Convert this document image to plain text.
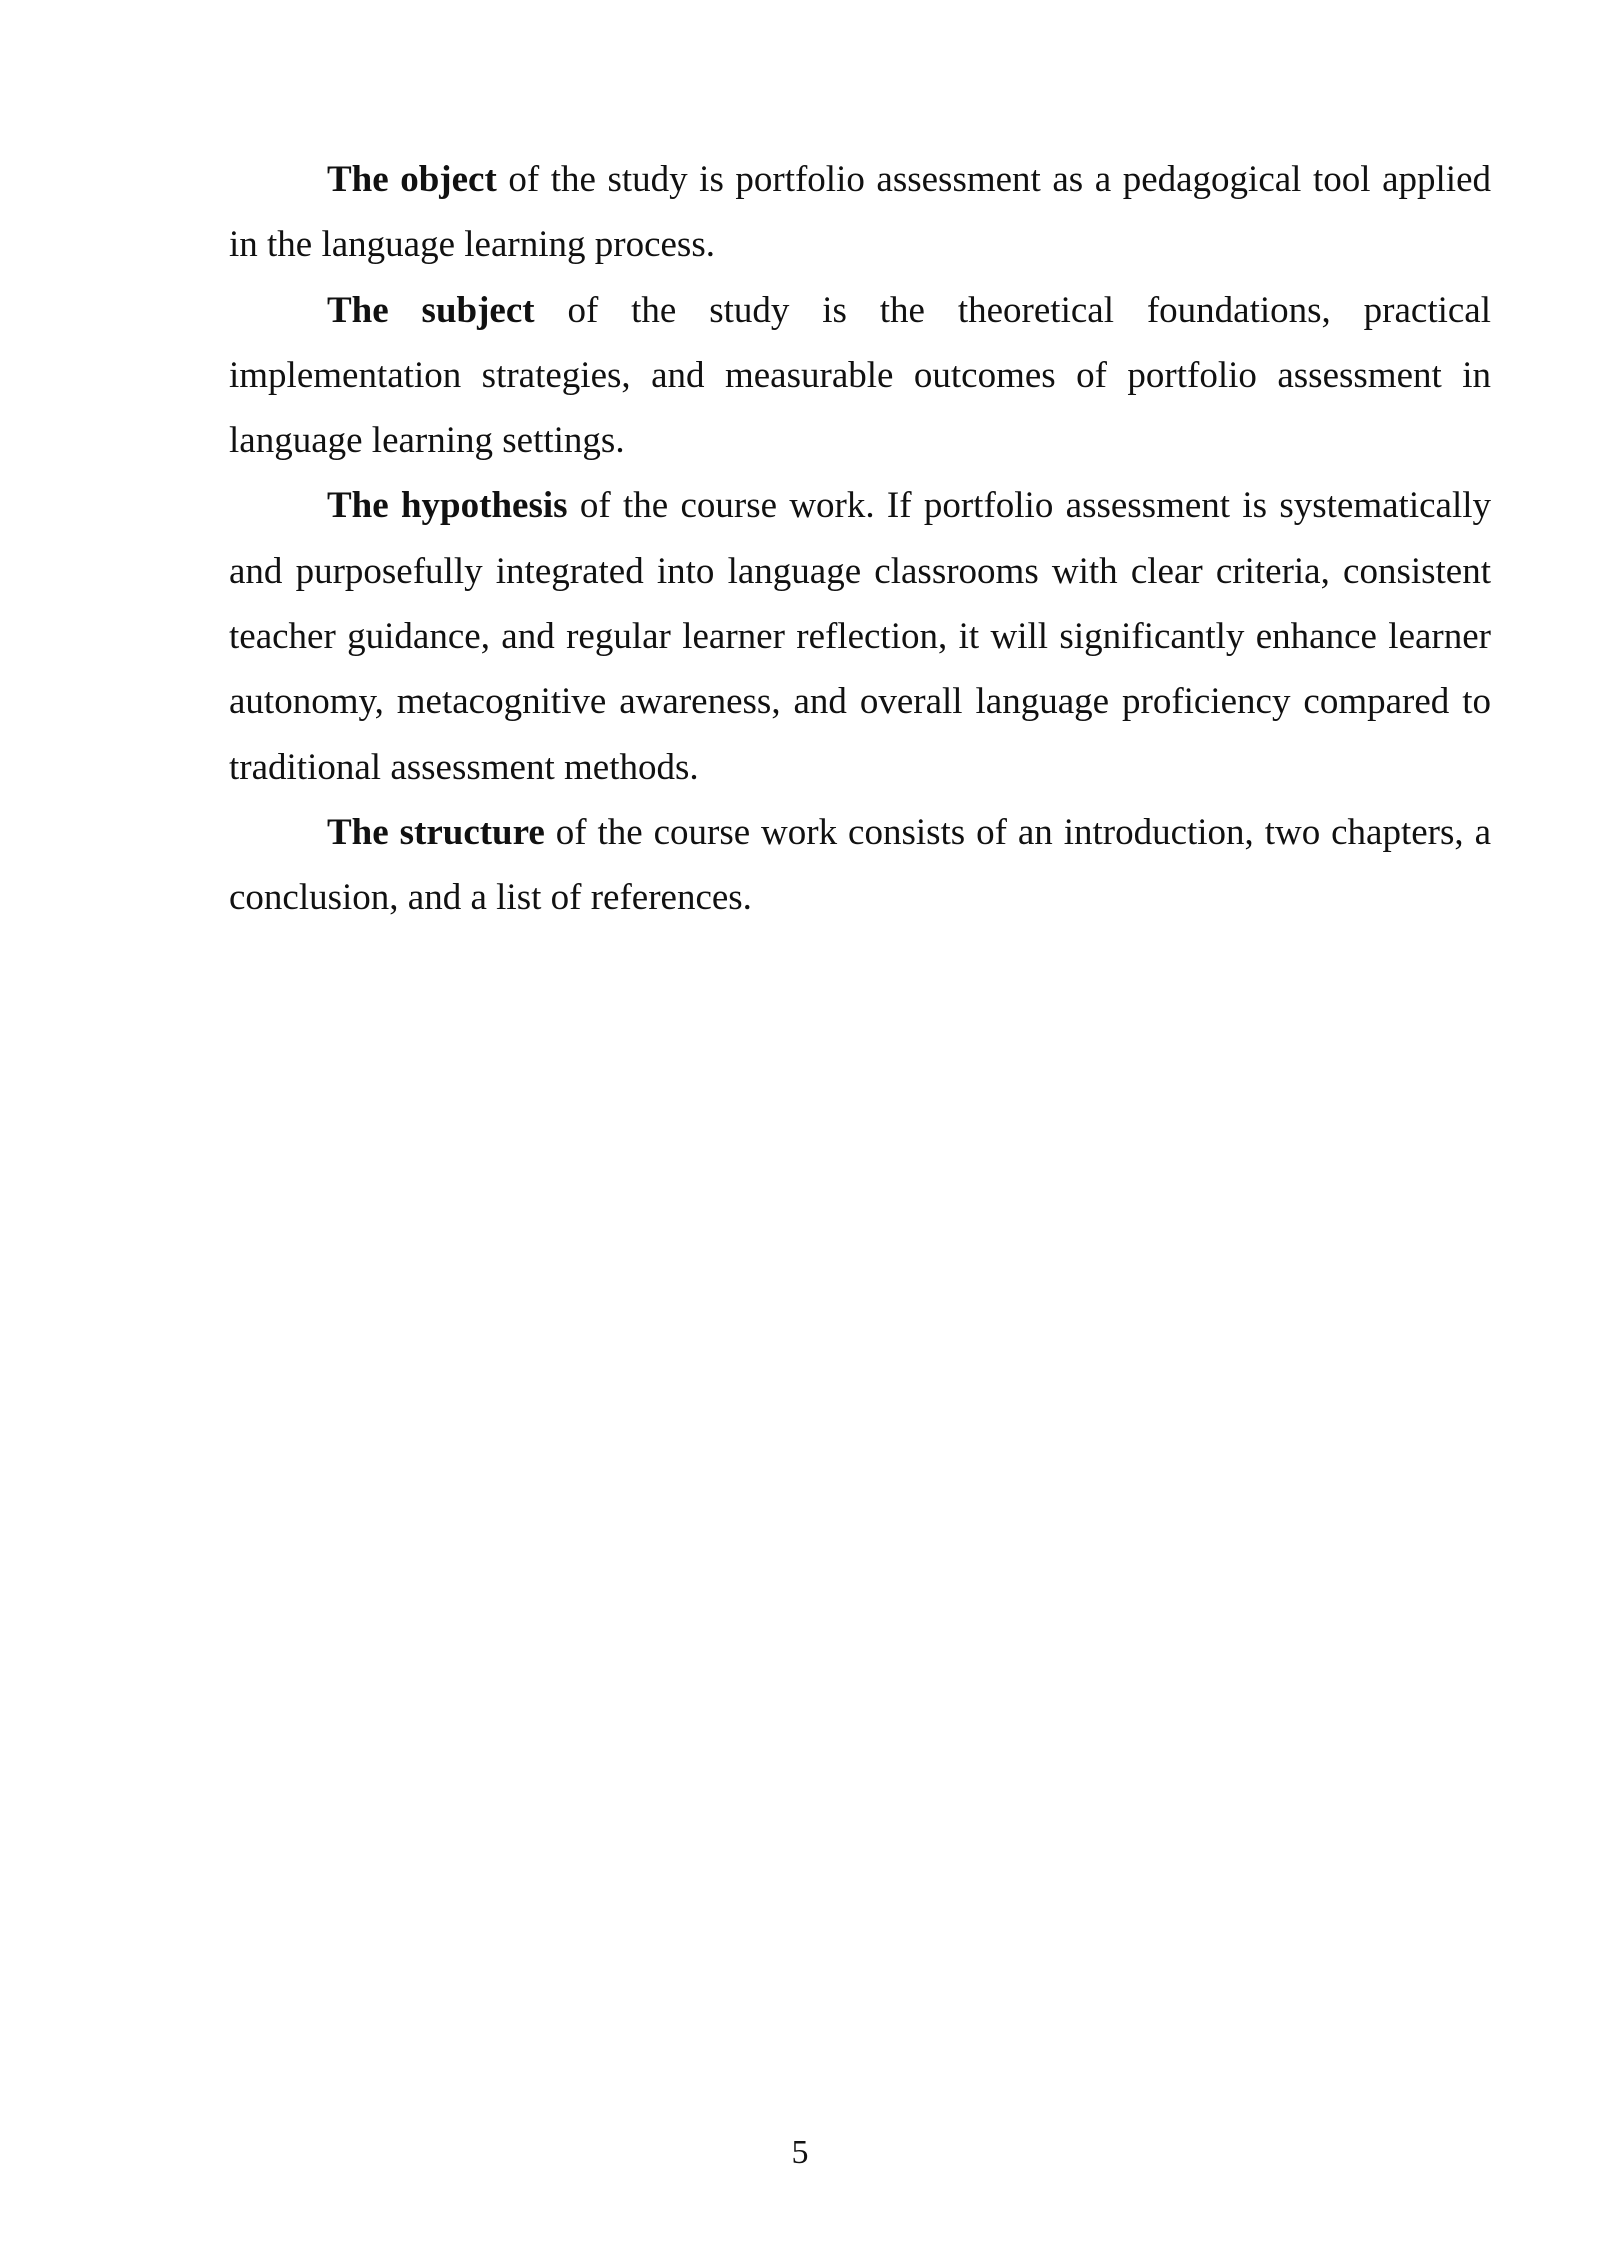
The object of the study is portfolio assessment as a pedagogical tool applied in the language learning process.

The subject of the study is the theoretical foundations, practical implementation strategies, and measurable outcomes of portfolio assessment in language learning settings.

The hypothesis of the course work. If portfolio assessment is systematically and purposefully integrated into language classrooms with clear criteria, consistent teacher guidance, and regular learner reflection, it will significantly enhance learner autonomy, metacognitive awareness, and overall language proficiency compared to traditional assessment methods.

The structure of the course work consists of an introduction, two chapters, a conclusion, and a list of references.

5
